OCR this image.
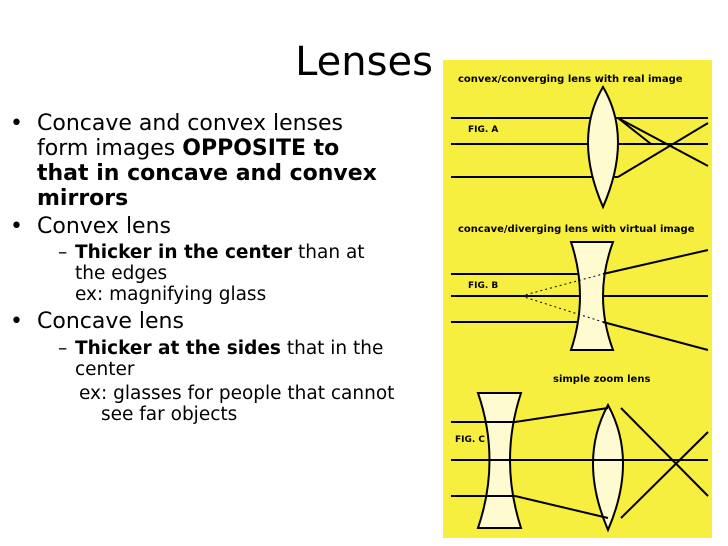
Lenses
• Concave and convex lenses form images OPPOSITE to that in concave and convex mirrors
• Convex lens
– Thicker in the center than at the edges
ex: magnifying glass
• Concave lens
– Thicker at the sides that in the center
ex: glasses for people that cannot
see far objects
convex/converging lens with real image
FIG. A
concave/diverging lens with virtual image
FIG. B
simple zoom lens
FIG. C
